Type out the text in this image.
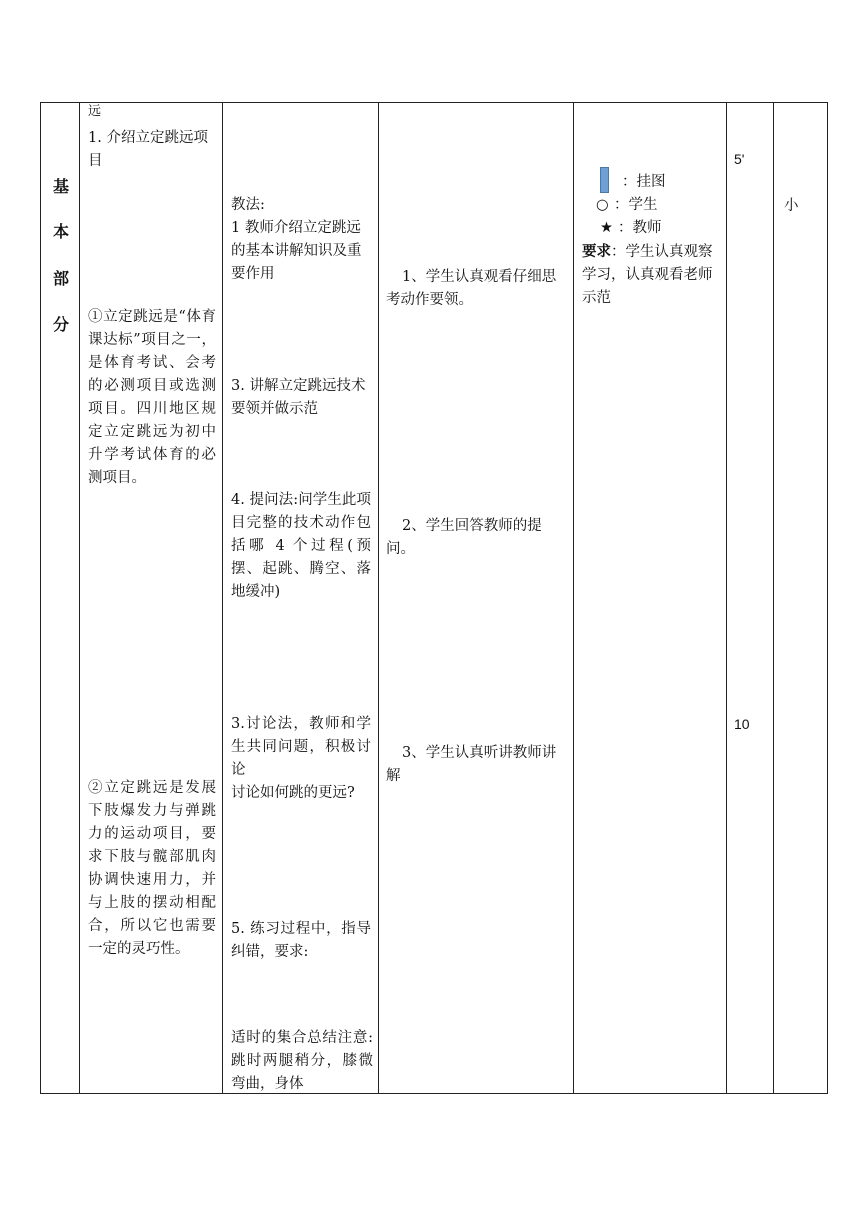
基
本
部
分
远
1. 介绍立定跳远项目
①立定跳远是“体育课达标”项目之一，是体育考试、会考的必测项目或选测项目。四川地区规定立定跳远为初中升学考试体育的必测项目。
②立定跳远是发展下肢爆发力与弹跳力的运动项目，要求下肢与髋部肌肉协调快速用力，并与上肢的摆动相配合，所以它也需要一定的灵巧性。
教法:
1 教师介绍立定跳远的基本讲解知识及重要作用
3. 讲解立定跳远技术要领并做示范
4. 提问法:问学生此项目完整的技术动作包括哪 4 个过程(预摆、起跳、腾空、落地缓冲)
3.讨论法，教师和学生共同问题，积极讨论
讨论如何跳的更远?
5. 练习过程中，指导纠错，要求:
适时的集合总结注意:跳时两腿稍分，膝微弯曲，身体
1、学生认真观看仔细思考动作要领。
2、学生回答教师的提问。
3、学生认真听讲教师讲解
：挂图
○ ：学生
★ ：教师
要求：学生认真观察学习，认真观看老师示范
5'
10
小
